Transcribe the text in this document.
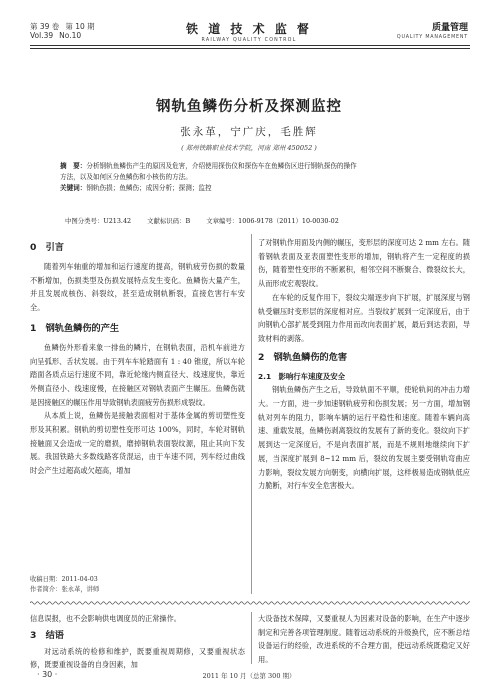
第 39 卷 第 10 期
Vol.39 No.10	铁 道 技 术 监 督
RAILWAY QUALITY CONTROL
质量管理
QUALITY MANAGEMENT
钢轨鱼鳞伤分析及探测监控
张永革，宁广庆，毛胜辉
( 郑州铁路职业技术学院，河南 郑州 450052 )
摘　要：分析钢轨鱼鳞伤产生的原因及危害，介绍使用探伤仪和探伤车在鱼鳞伤区进行钢轨探伤的操作
方法，以及如何区分鱼鳞伤和小核伤的方法。
关键词：钢轨伤损；鱼鳞伤；成因分析；探测；监控
中图分类号：U213.42	文献标识码：B	文章编号：1006-9178（2011）10-0030-02
0　引言

随着列车轴重的增加和运行速度的提高，钢轨疲劳伤损的数量不断增加，伤损类型及伤损发展特点发生变化。鱼鳞伤大量产生，并且发展成核伤、斜裂纹，甚至造成钢轨断裂，直接危害行车安全。

1　钢轨鱼鳞伤的产生

鱼鳞伤外形看来象一排鱼的鳞片，在钢轨表面，沿机车前进方向呈弧形、舌状发展。由于列车车轮踏面有 1 : 40 锥度，所以车轮踏面各质点运行速度不同，靠近轮缘内侧直径大、线速度快，靠近外侧直径小、线速度慢，在接触区对钢轨表面产生辗压。鱼鳞伤就是因接触区的辗压作用导致钢轨表面疲劳伤损形成裂纹。

从本质上说，鱼鳞伤是接触表面相对于基体金属的剪切塑性变形及其积累。钢轨的剪切塑性变形可达 100%，同时，车轮对钢轨接触面又会造成一定的磨损，磨掉钢轨表面裂纹源，阻止其向下发展。我国铁路大多数线路客货混运，由于车速不同，列车经过曲线时会产生过超高或欠超高，增加

收稿日期：2011-04-03
作者简介：张永革，讲师

了对钢轨作用面及内侧的辗压，变形层的深度可达 2 mm 左右。随着钢轨表面及亚表面塑性变形的增加，钢轨将产生一定程度的损伤，随着塑性变形的不断累积，相邻空间不断聚合、微裂纹长大，从而形成宏观裂纹。

在车轮的反复作用下，裂纹尖端逐步向下扩展，扩展深度与钢轨受辗压时变形层的深度相对应。当裂纹扩展到一定深度后，由于向钢轨心部扩展受到阻力作用而改向表面扩展，最后到达表面，导致材料的剥落。

2　钢轨鱼鳞伤的危害
2.1　影响行车速度及安全

钢轨鱼鳞伤产生之后，导致轨面不平顺，使轮轨间的冲击力增大。一方面，进一步加速钢轨疲劳和伤损发展；另一方面，增加钢轨对列车的阻力，影响车辆的运行平稳性和速度。随着车辆向高速、重载发展，鱼鳞伤剥离裂纹的发展有了新的变化。裂纹向下扩展到达一定深度后，不是向表面扩展，而是不规则地继续向下扩展，当深度扩展到 8~12 mm 后，裂纹的发展主要受钢轨弯曲应力影响，裂纹发展方向朝变，向横向扩展，这样极易造成钢轨低应力脆断，对行车安全危害极大。

信息误报，也不会影响供电调度员的正常操作。

3　结语

对远动系统的检修和维护，既要重视周期修，又要重视状态修，既要重视设备的自身因素，加

大设备技术保障，又要重视人为因素对设备的影响，在生产中逐步制定和完善各项管理制度。随着远动系统的升级换代，应不断总结设备运行的经验，改进系统的不合理方面，使远动系统既稳定又好用。

· 30 ·	2011 年 10 月（总第 300 期）
